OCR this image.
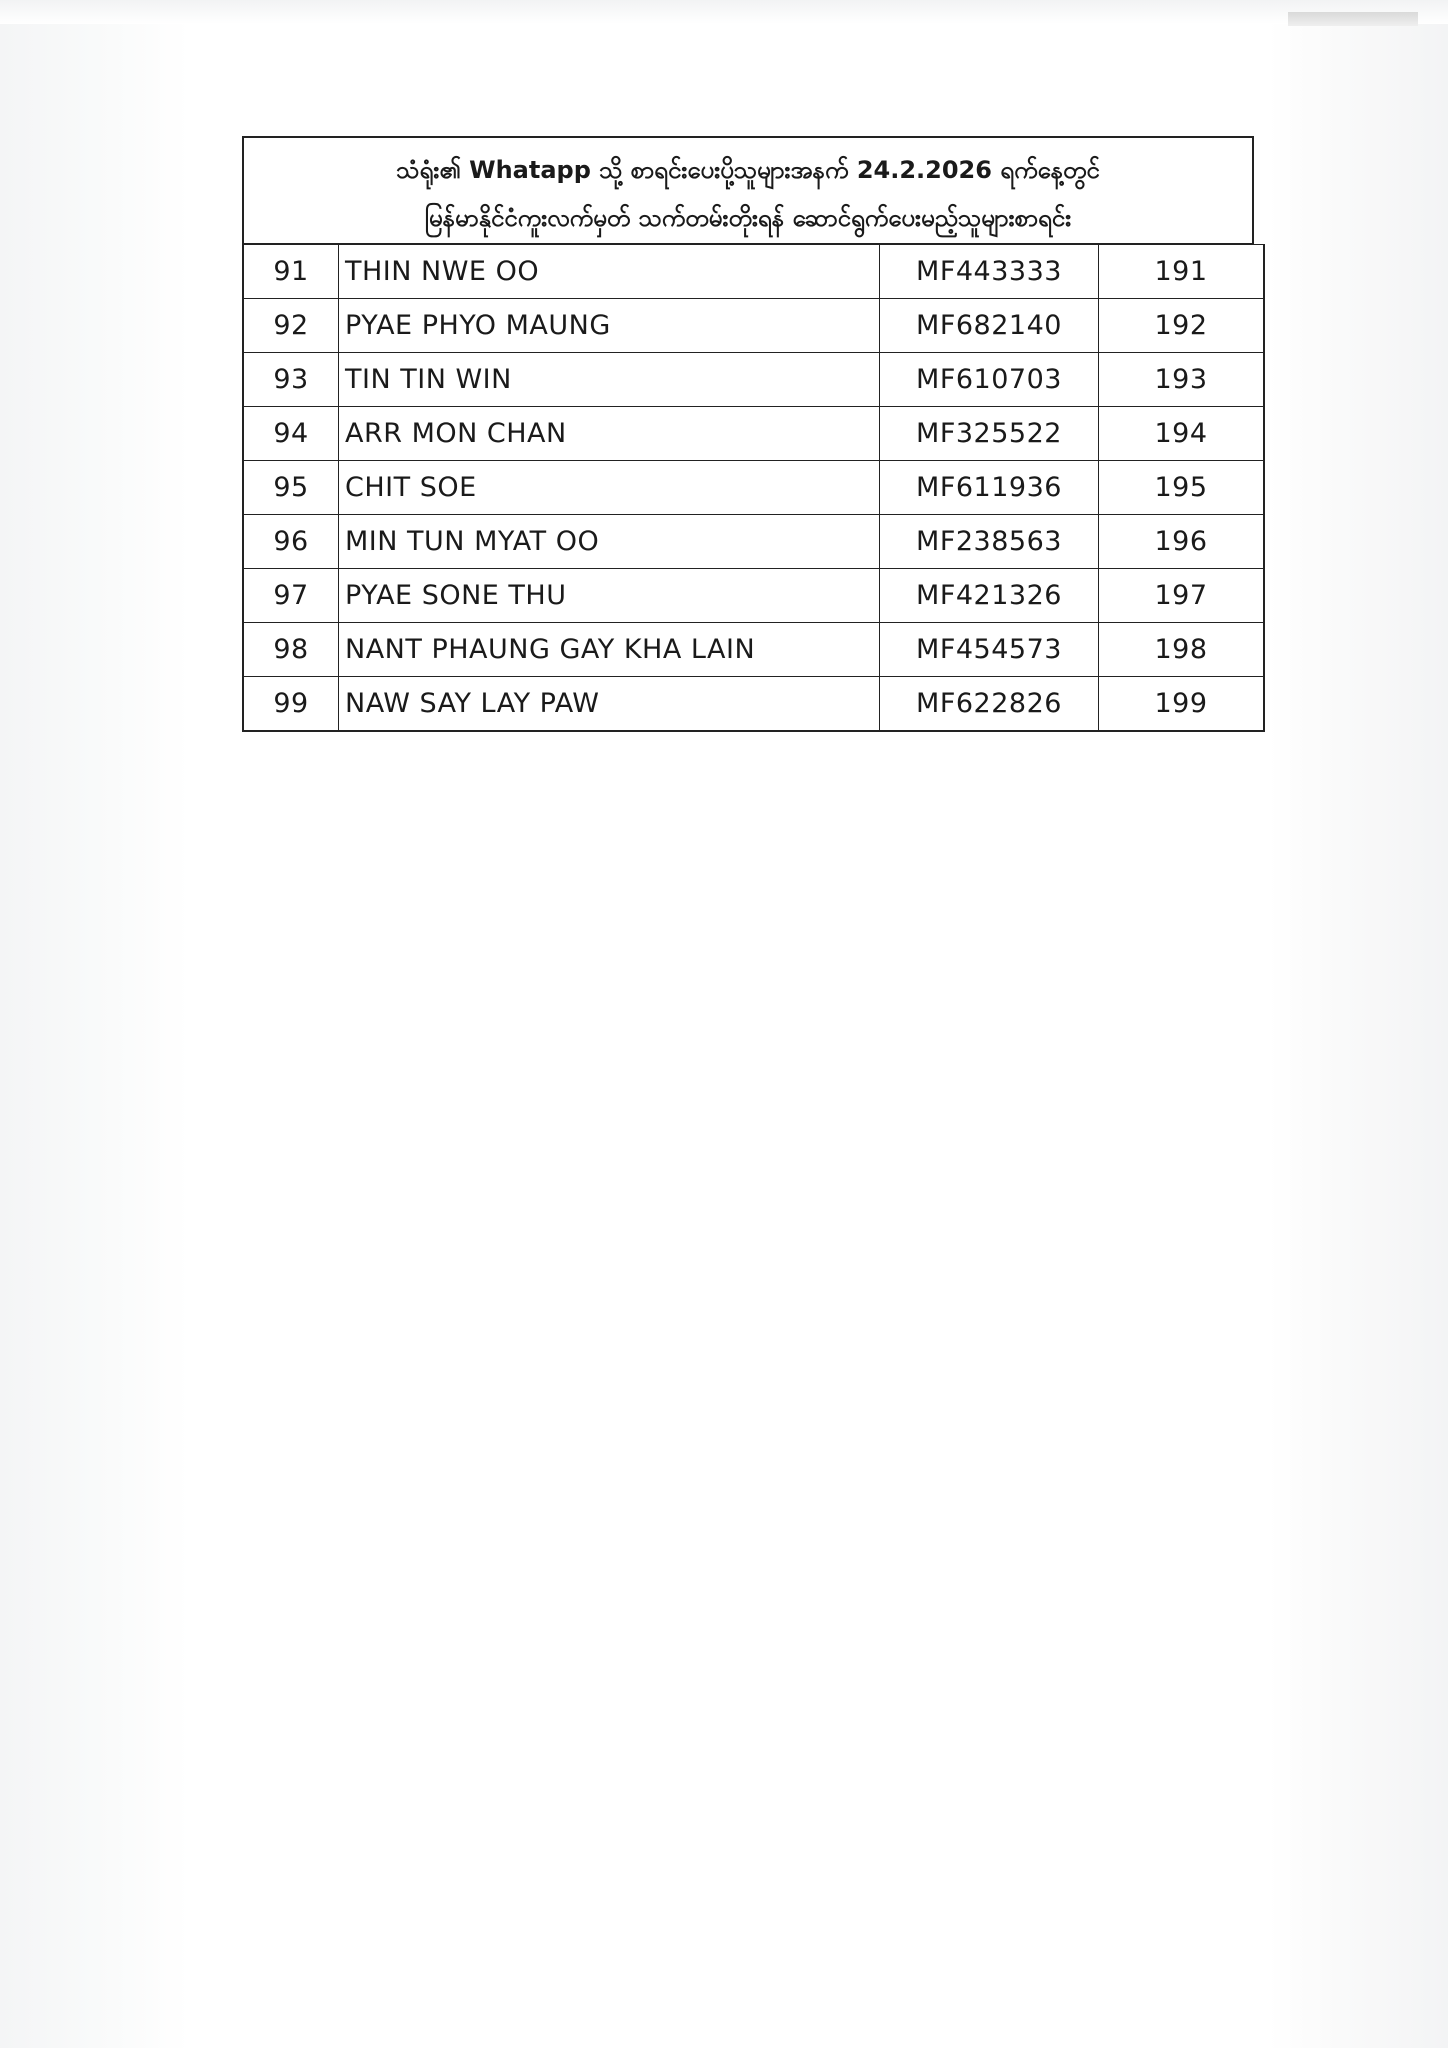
သံရုံး၏ Whatapp သို့ စာရင်းပေးပို့သူများအနက် 24.2.2026 ရက်နေ့တွင်
မြန်မာနိုင်ငံကူးလက်မှတ် သက်တမ်းတိုးရန် ဆောင်ရွက်ပေးမည့်သူများစာရင်း
91	THIN NWE OO	MF443333	191
92	PYAE PHYO MAUNG	MF682140	192
93	TIN TIN WIN	MF610703	193
94	ARR MON CHAN	MF325522	194
95	CHIT SOE	MF611936	195
96	MIN TUN MYAT OO	MF238563	196
97	PYAE SONE THU	MF421326	197
98	NANT PHAUNG GAY KHA LAIN	MF454573	198
99	NAW SAY LAY PAW	MF622826	199
